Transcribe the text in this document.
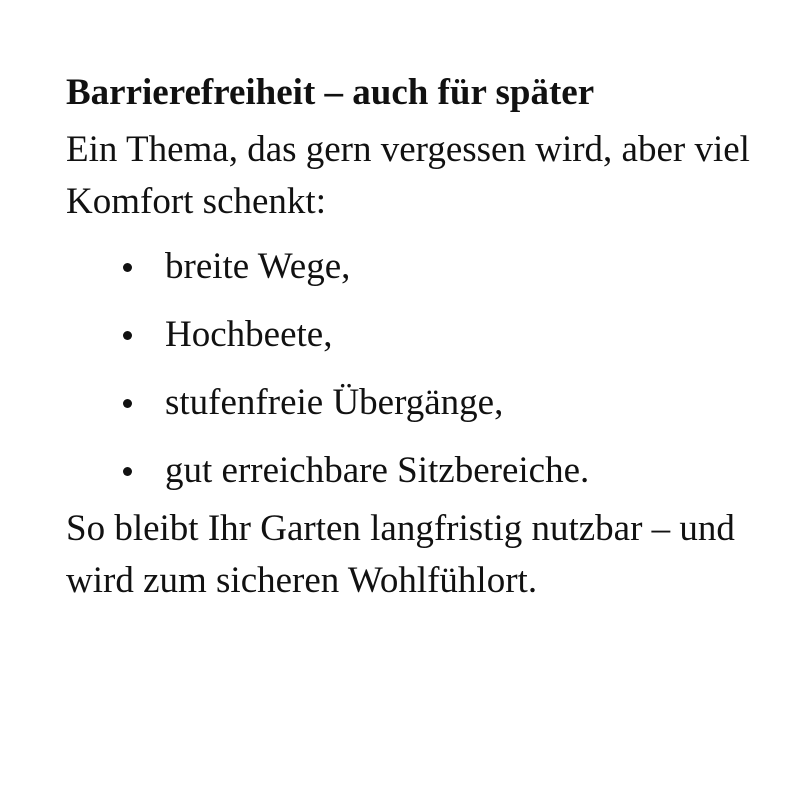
Barrierefreiheit – auch für später

Ein Thema, das gern vergessen wird, aber viel Komfort schenkt:

breite Wege,
Hochbeete,
stufenfreie Übergänge,
gut erreichbare Sitzbereiche.

So bleibt Ihr Garten langfristig nutzbar – und wird zum sicheren Wohlfühlort.
